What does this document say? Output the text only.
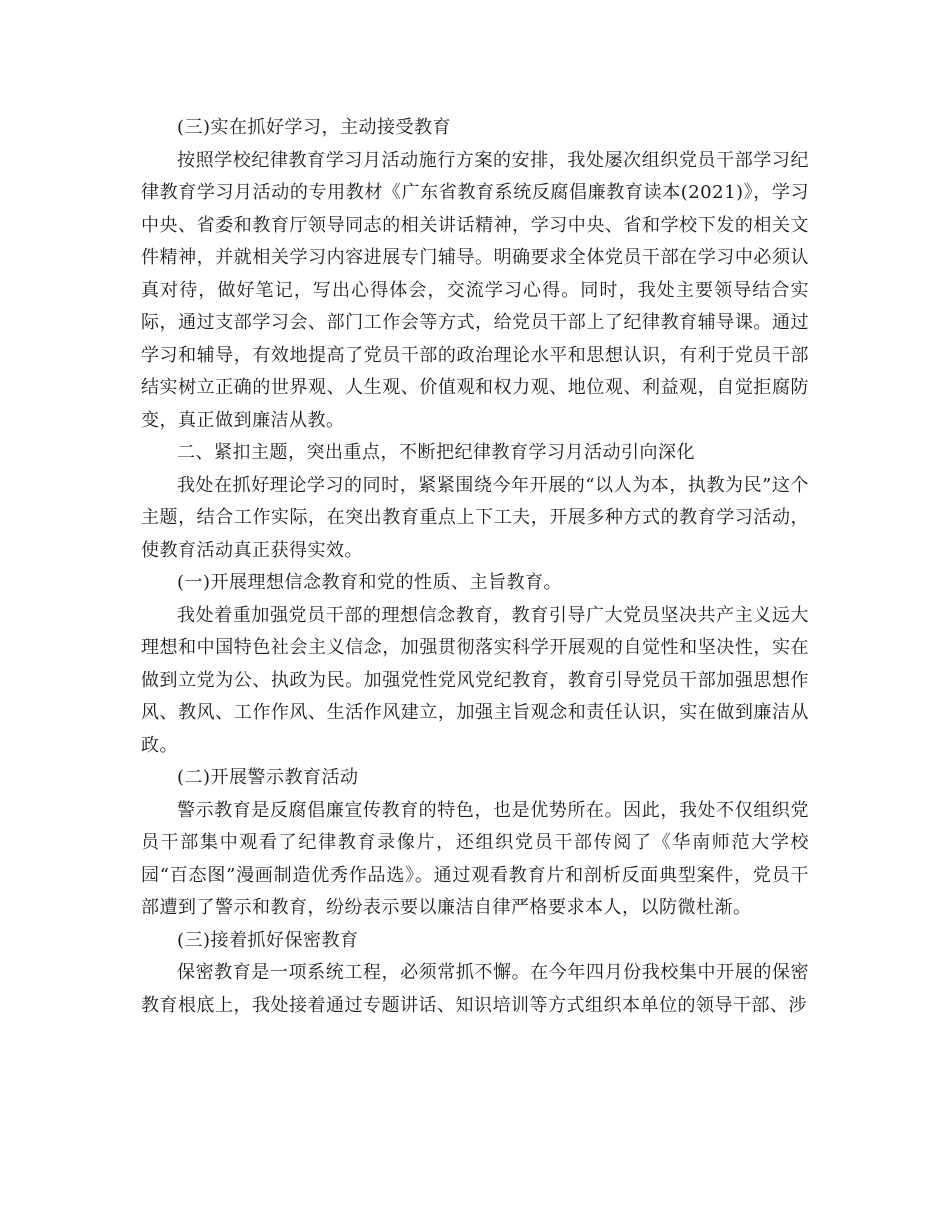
(三)实在抓好学习，主动接受教育

按照学校纪律教育学习月活动施行方案的安排，我处屡次组织党员干部学习纪律教育学习月活动的专用教材《广东省教育系统反腐倡廉教育读本(2021)》，学习中央、省委和教育厅领导同志的相关讲话精神，学习中央、省和学校下发的相关文件精神，并就相关学习内容进展专门辅导。明确要求全体党员干部在学习中必须认真对待，做好笔记，写出心得体会，交流学习心得。同时，我处主要领导结合实际，通过支部学习会、部门工作会等方式，给党员干部上了纪律教育辅导课。通过学习和辅导，有效地提高了党员干部的政治理论水平和思想认识，有利于党员干部结实树立正确的世界观、人生观、价值观和权力观、地位观、利益观，自觉拒腐防变，真正做到廉洁从教。

二、紧扣主题，突出重点，不断把纪律教育学习月活动引向深化

我处在抓好理论学习的同时，紧紧围绕今年开展的“以人为本，执教为民”这个主题，结合工作实际，在突出教育重点上下工夫，开展多种方式的教育学习活动，使教育活动真正获得实效。

(一)开展理想信念教育和党的性质、主旨教育。

我处着重加强党员干部的理想信念教育，教育引导广大党员坚决共产主义远大理想和中国特色社会主义信念，加强贯彻落实科学开展观的自觉性和坚决性，实在做到立党为公、执政为民。加强党性党风党纪教育，教育引导党员干部加强思想作风、教风、工作作风、生活作风建立，加强主旨观念和责任认识，实在做到廉洁从政。

(二)开展警示教育活动

警示教育是反腐倡廉宣传教育的特色，也是优势所在。因此，我处不仅组织党员干部集中观看了纪律教育录像片，还组织党员干部传阅了《华南师范大学校园“百态图”漫画制造优秀作品选》。通过观看教育片和剖析反面典型案件，党员干部遭到了警示和教育，纷纷表示要以廉洁自律严格要求本人，以防微杜渐。

(三)接着抓好保密教育

保密教育是一项系统工程，必须常抓不懈。在今年四月份我校集中开展的保密教育根底上，我处接着通过专题讲话、知识培训等方式组织本单位的领导干部、涉
